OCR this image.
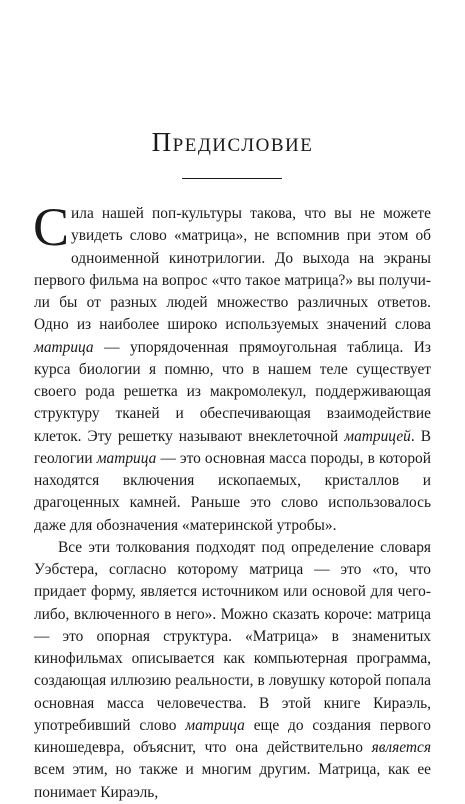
Предисловие

С ила нашей поп-культуры такова, что вы не можете увидеть слово «матрица», не вспомнив при этом об одноименной кинотрилогии. До выхода на экраны первого фильма на вопрос «что такое матрица?» вы получили бы от разных людей множество различных ответов. Одно из наиболее широко используемых значений слова матрица — упорядоченная прямоугольная таблица. Из курса биологии я помню, что в нашем теле существует своего рода решетка из макромолекул, поддерживающая структуру тканей и обеспечивающая взаимодействие клеток. Эту решетку называют внеклеточной матрицей. В геологии матрица — это основная масса породы, в которой находятся включения ископаемых, кристаллов и драгоценных камней. Раньше это слово использовалось даже для обозначения «материнской утробы».

Все эти толкования подходят под определение словаря Уэбстера, согласно которому матрица — это «то, что придает форму, является источником или основой для чего-либо, включенного в него». Можно сказать короче: матрица — это опорная структура. «Матрица» в знаменитых кинофильмах описывается как компьютерная программа, создающая иллюзию реальности, в ловушку которой попала основная масса человечества. В этой книге Кираэль, употребивший слово матрица еще до создания первого киношедевра, объяснит, что она действительно является всем этим, но также и многим другим. Матрица, как ее понимает Кираэль,
